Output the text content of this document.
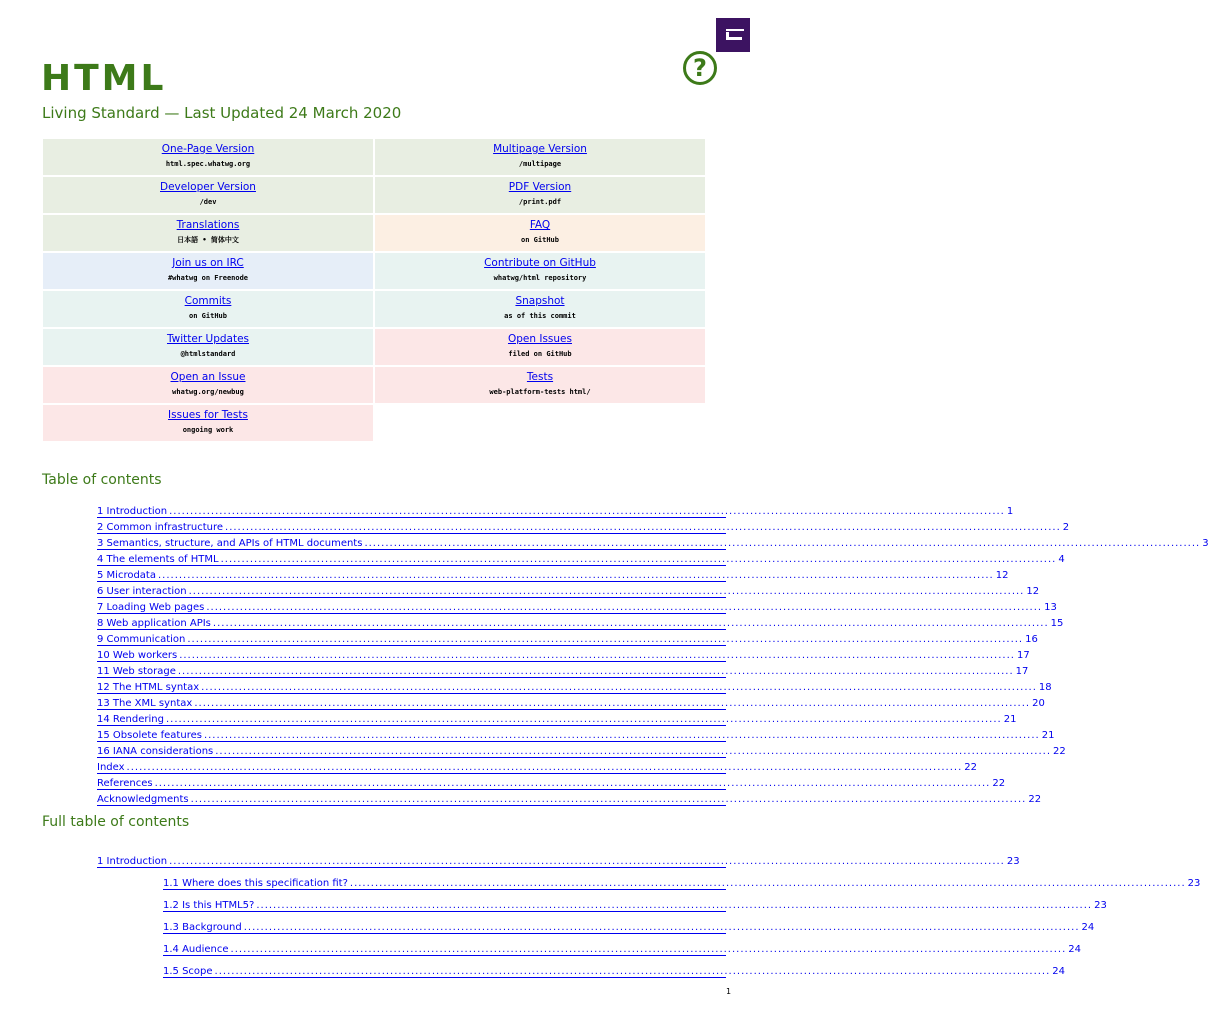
?
HTML

Living Standard — Last Updated 24 March 2020

One-Page Version
html.spec.whatwg.org
Multipage Version
/multipage
Developer Version
/dev
PDF Version
/print.pdf
Translations
日本語 • 简体中文
FAQ
on GitHub
Join us on IRC
#whatwg on Freenode
Contribute on GitHub
whatwg/html repository
Commits
on GitHub
Snapshot
as of this commit
Twitter Updates
@htmlstandard
Open Issues
filed on GitHub
Open an Issue
whatwg.org/newbug
Tests
web-platform-tests html/
Issues for Tests
ongoing work
Table of contents
1 Introduction ........................................................................................................................................................................................................ 1
2 Common infrastructure ........................................................................................................................................................................................................ 2
3 Semantics, structure, and APIs of HTML documents ........................................................................................................................................................................................................ 3
4 The elements of HTML ........................................................................................................................................................................................................ 4
5 Microdata ........................................................................................................................................................................................................ 12
6 User interaction ........................................................................................................................................................................................................ 12
7 Loading Web pages ........................................................................................................................................................................................................ 13
8 Web application APIs ........................................................................................................................................................................................................ 15
9 Communication ........................................................................................................................................................................................................ 16
10 Web workers ........................................................................................................................................................................................................ 17
11 Web storage ........................................................................................................................................................................................................ 17
12 The HTML syntax ........................................................................................................................................................................................................ 18
13 The XML syntax ........................................................................................................................................................................................................ 20
14 Rendering ........................................................................................................................................................................................................ 21
15 Obsolete features ........................................................................................................................................................................................................ 21
16 IANA considerations ........................................................................................................................................................................................................ 22
Index ........................................................................................................................................................................................................ 22
References ........................................................................................................................................................................................................ 22
Acknowledgments ........................................................................................................................................................................................................ 22
Full table of contents
1 Introduction ........................................................................................................................................................................................................ 23
1.1 Where does this specification fit? ........................................................................................................................................................................................................ 23
1.2 Is this HTML5? ........................................................................................................................................................................................................ 23
1.3 Background ........................................................................................................................................................................................................ 24
1.4 Audience ........................................................................................................................................................................................................ 24
1.5 Scope ........................................................................................................................................................................................................ 24
1
